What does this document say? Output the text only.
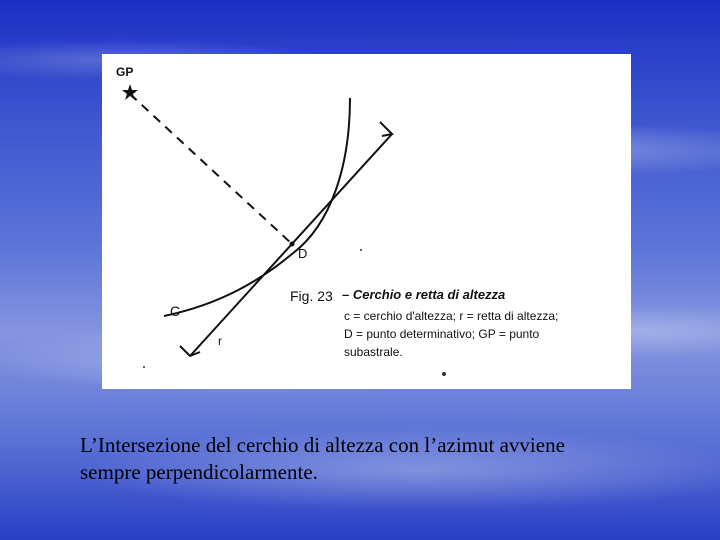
GP
D
C
r
Fig. 23 – Cerchio e retta di altezza
c = cerchio d'altezza; r = retta di altezza;
D = punto determinativo; GP = punto
subastrale.
L’Intersezione del cerchio di altezza con l’azimut avviene
sempre perpendicolarmente.
